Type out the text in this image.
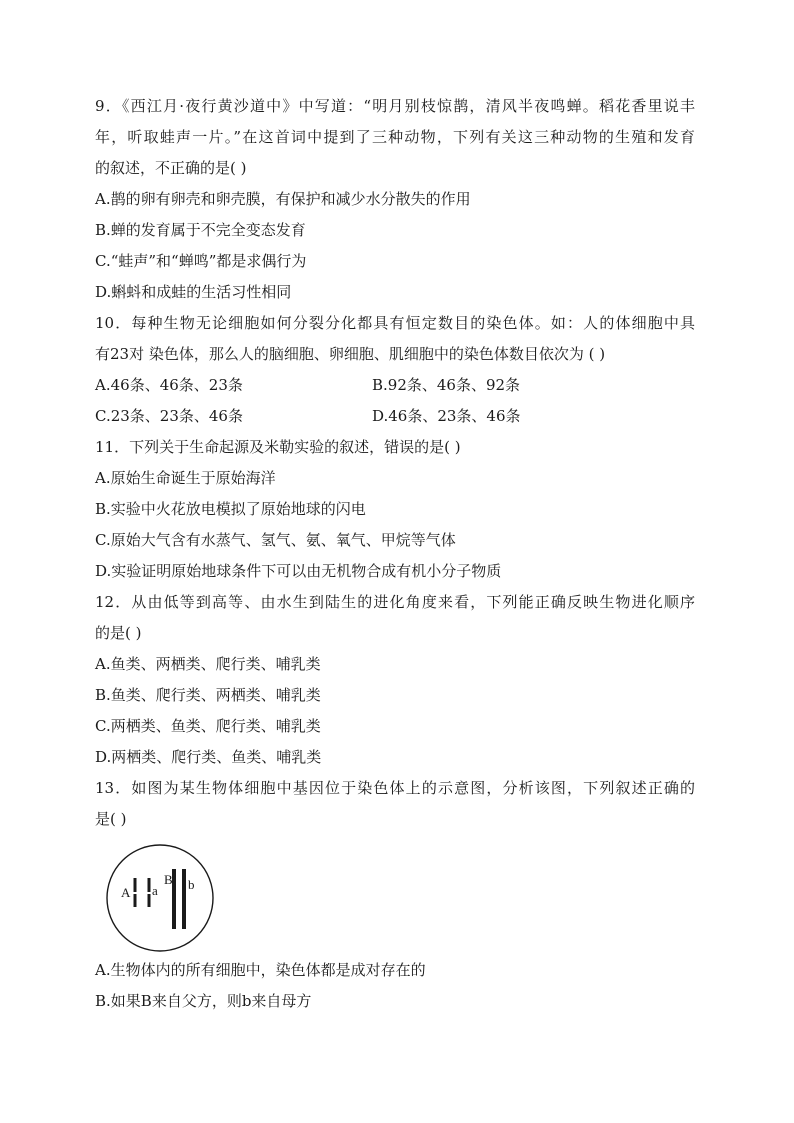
9．《西江月·夜行黄沙道中》中写道：“明月别枝惊鹊，清风半夜鸣蝉。稻花香里说丰
年，听取蛙声一片。”在这首词中提到了三种动物，下列有关这三种动物的生殖和发育
的叙述，不正确的是( )
A.鹊的卵有卵壳和卵壳膜，有保护和减少水分散失的作用
B.蝉的发育属于不完全变态发育
C.“蛙声”和“蝉鸣”都是求偶行为
D.蝌蚪和成蛙的生活习性相同
10．每种生物无论细胞如何分裂分化都具有恒定数目的染色体。如：人的体细胞中具
有23对 染色体，那么人的脑细胞、卵细胞、肌细胞中的染色体数目依次为 ( )
A.46条、46条、23条	B.92条、46条、92条
C.23条、23条、46条	D.46条、23条、46条
11．下列关于生命起源及米勒实验的叙述，错误的是( )
A.原始生命诞生于原始海洋
B.实验中火花放电模拟了原始地球的闪电
C.原始大气含有水蒸气、氢气、氨、氧气、甲烷等气体
D.实验证明原始地球条件下可以由无机物合成有机小分子物质
12．从由低等到高等、由水生到陆生的进化角度来看，下列能正确反映生物进化顺序
的是( )
A.鱼类、两栖类、爬行类、哺乳类
B.鱼类、爬行类、两栖类、哺乳类
C.两栖类、鱼类、爬行类、哺乳类
D.两栖类、爬行类、鱼类、哺乳类
13．如图为某生物体细胞中基因位于染色体上的示意图，分析该图，下列叙述正确的
是( )
A a
B b
A.生物体内的所有细胞中，染色体都是成对存在的
B.如果B来自父方，则b来自母方
